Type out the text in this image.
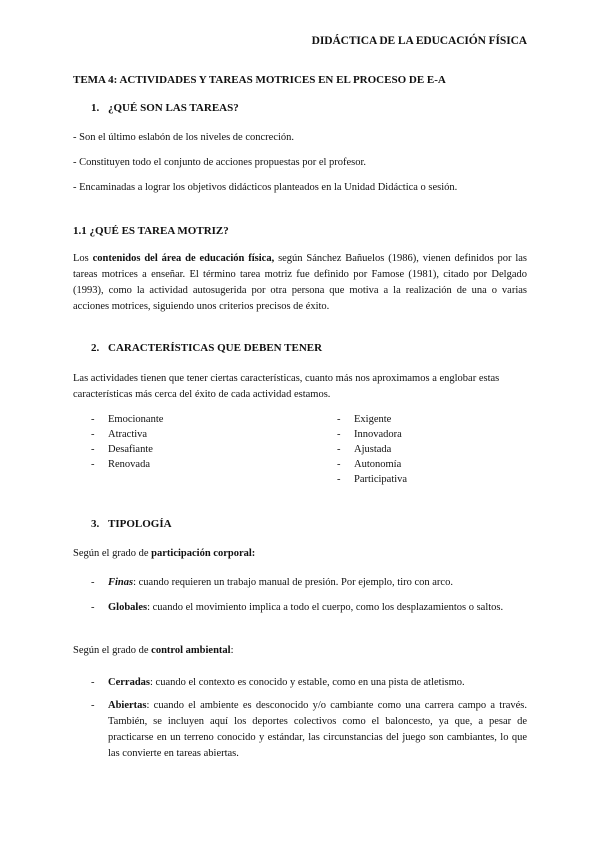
DIDÁCTICA DE LA EDUCACIÓN FÍSICA
TEMA 4: ACTIVIDADES Y TAREAS MOTRICES EN EL PROCESO DE E-A
1. ¿QUÉ SON LAS TAREAS?
- Son el último eslabón de los niveles de concreción.
- Constituyen todo el conjunto de acciones propuestas por el profesor.
- Encaminadas a lograr los objetivos didácticos planteados en la Unidad Didáctica o sesión.
1.1 ¿QUÉ ES TAREA MOTRIZ?
Los contenidos del área de educación física, según Sánchez Bañuelos (1986), vienen definidos por las tareas motrices a enseñar. El término tarea motriz fue definido por Famose (1981), citado por Delgado (1993), como la actividad autosugerida por otra persona que motiva a la realización de una o varias acciones motrices, siguiendo unos criterios precisos de éxito.
2. CARACTERÍSTICAS QUE DEBEN TENER
Las actividades tienen que tener ciertas características, cuanto más nos aproximamos a englobar estas características más cerca del éxito de cada actividad estamos.
- Emocionante
- Atractiva
- Desafiante
- Renovada
- Exigente
- Innovadora
- Ajustada
- Autonomía
- Participativa
3. TIPOLOGÍA
Según el grado de participación corporal:
- Finas: cuando requieren un trabajo manual de presión. Por ejemplo, tiro con arco.
- Globales: cuando el movimiento implica a todo el cuerpo, como los desplazamientos o saltos.
Según el grado de control ambiental:
- Cerradas: cuando el contexto es conocido y estable, como en una pista de atletismo.
- Abiertas: cuando el ambiente es desconocido y/o cambiante como una carrera campo a través. También, se incluyen aquí los deportes colectivos como el baloncesto, ya que, a pesar de practicarse en un terreno conocido y estándar, las circunstancias del juego son cambiantes, lo que las convierte en tareas abiertas.
